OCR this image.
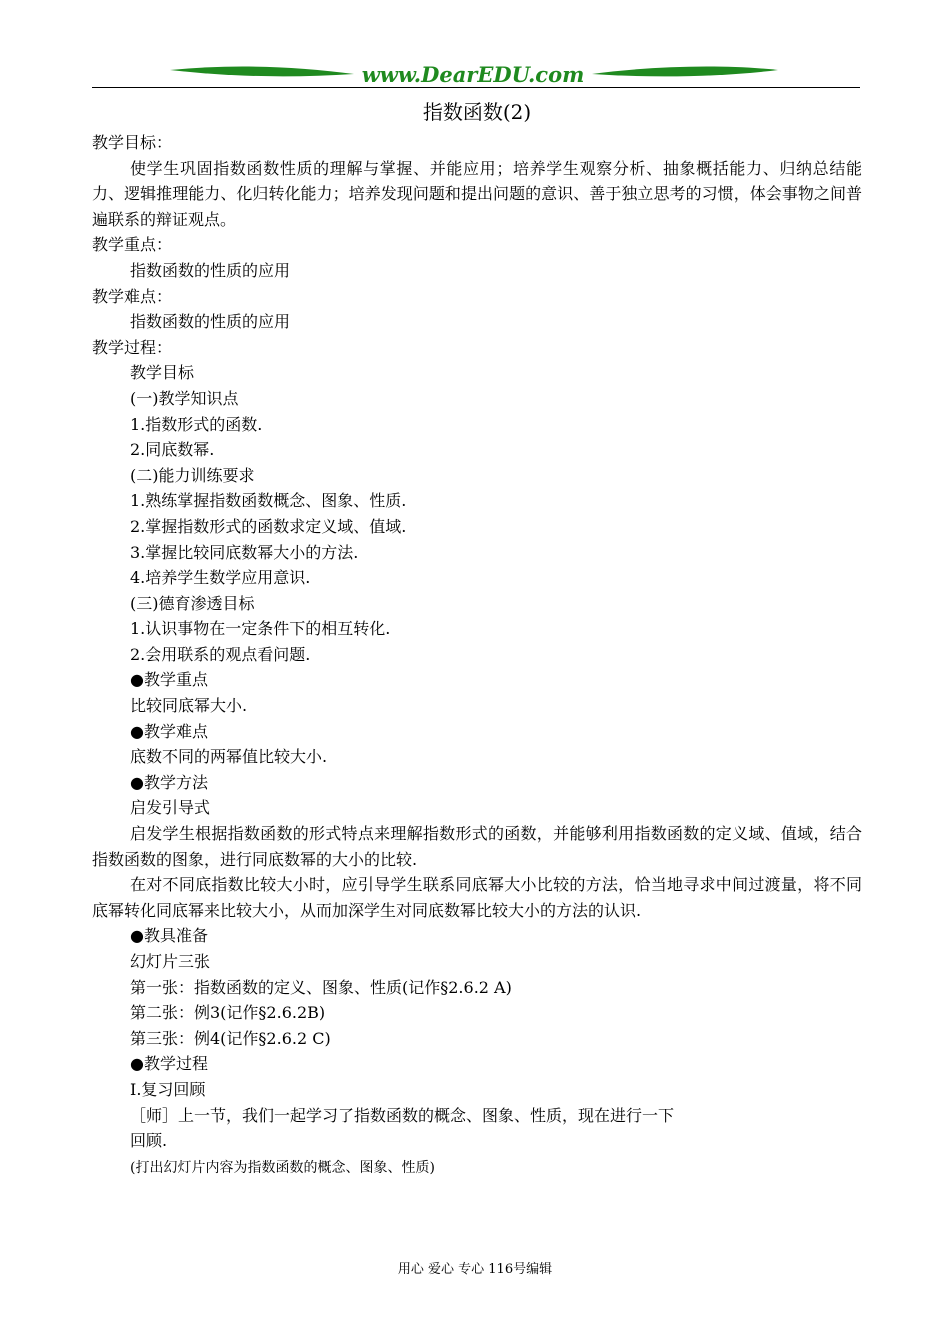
www.DearEDU.com
指数函数(2)
教学目标：
使学生巩固指数函数性质的理解与掌握、并能应用；培养学生观察分析、抽象概括能力、归纳总结能力、逻辑推理能力、化归转化能力；培养发现问题和提出问题的意识、善于独立思考的习惯，体会事物之间普遍联系的辩证观点。
教学重点：
指数函数的性质的应用
教学难点：
指数函数的性质的应用
教学过程：
教学目标
(一)教学知识点
1.指数形式的函数.
2.同底数幂.
(二)能力训练要求
1.熟练掌握指数函数概念、图象、性质.
2.掌握指数形式的函数求定义域、值域.
3.掌握比较同底数幂大小的方法.
4.培养学生数学应用意识.
(三)德育渗透目标
1.认识事物在一定条件下的相互转化.
2.会用联系的观点看问题.
●教学重点
比较同底幂大小.
●教学难点
底数不同的两幂值比较大小.
●教学方法
启发引导式
启发学生根据指数函数的形式特点来理解指数形式的函数，并能够利用指数函数的定义域、值域，结合指数函数的图象，进行同底数幂的大小的比较.
在对不同底指数比较大小时，应引导学生联系同底幂大小比较的方法，恰当地寻求中间过渡量，将不同底幂转化同底幂来比较大小，从而加深学生对同底数幂比较大小的方法的认识.
●教具准备
幻灯片三张
第一张：指数函数的定义、图象、性质(记作§2.6.2 A)
第二张：例3(记作§2.6.2B)
第三张：例4(记作§2.6.2 C)
●教学过程
Ⅰ.复习回顾
［师］上一节，我们一起学习了指数函数的概念、图象、性质，现在进行一下
回顾.
(打出幻灯片内容为指数函数的概念、图象、性质)
用心 爱心 专心 116号编辑
